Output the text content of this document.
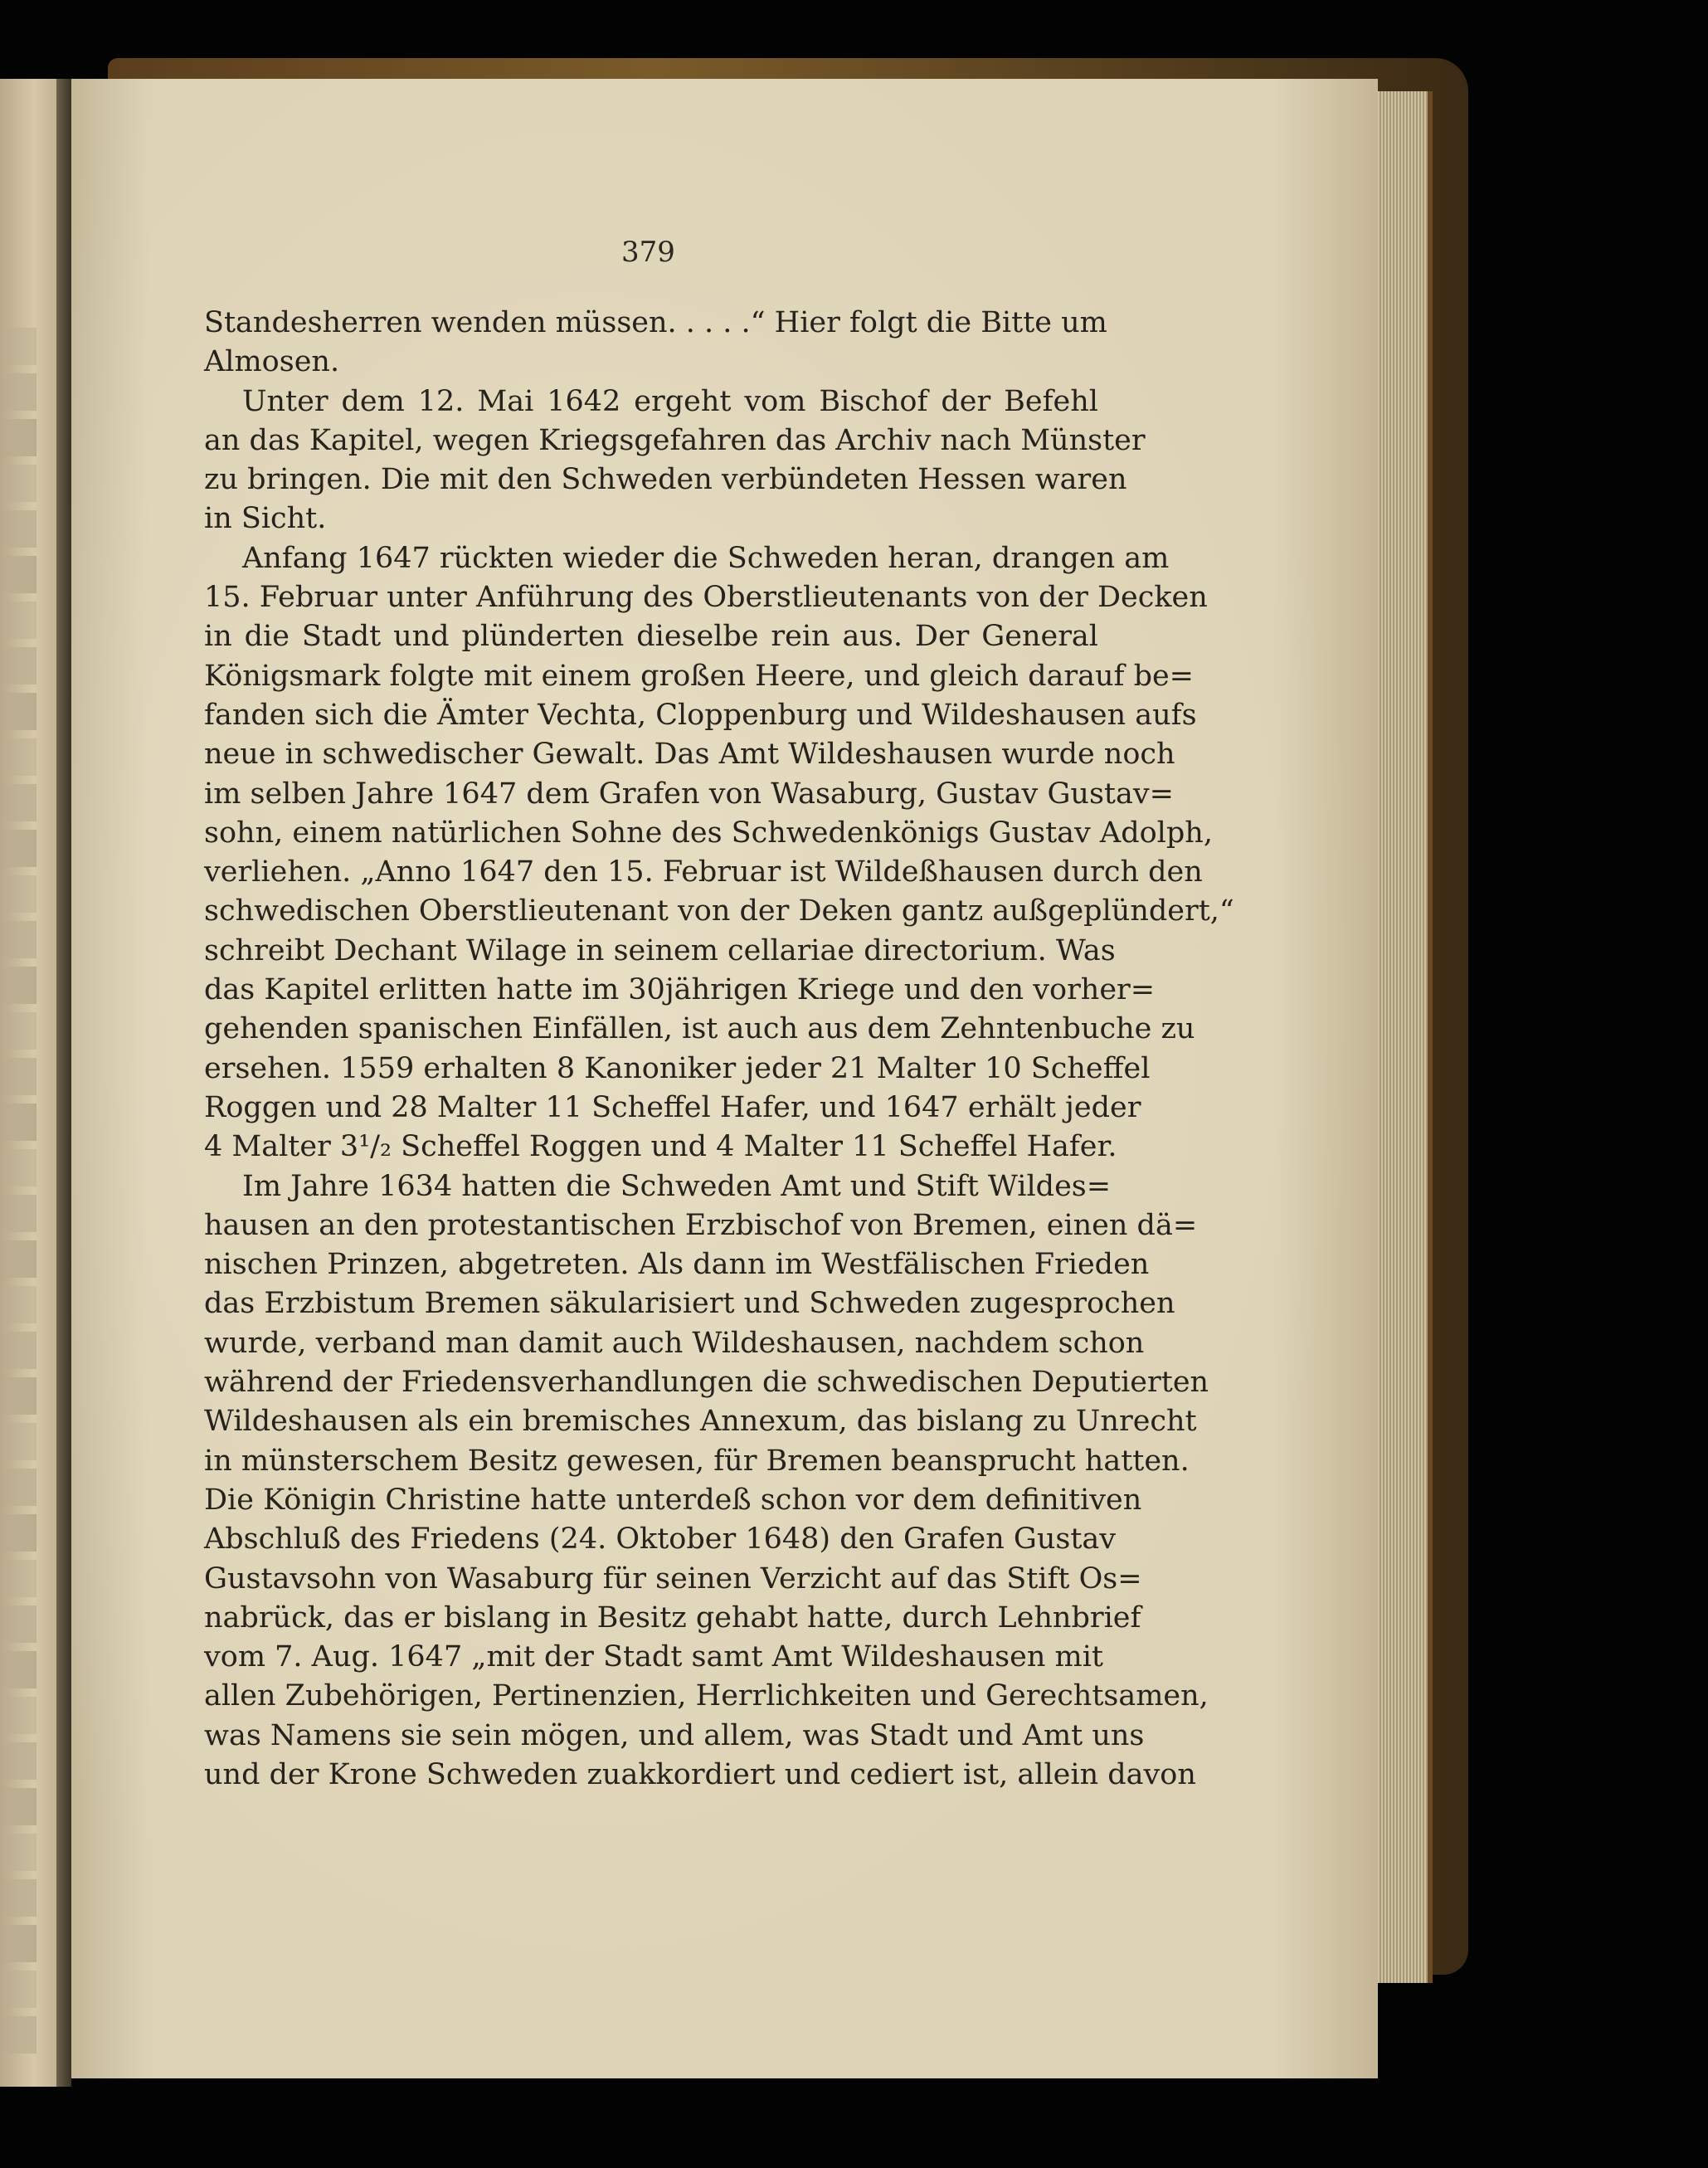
379
Standesherren wenden müssen. . . . .“ Hier folgt die Bitte um
Almosen.
Unter dem 12. Mai 1642 ergeht vom Bischof der Befehl
an das Kapitel, wegen Kriegsgefahren das Archiv nach Münster
zu bringen. Die mit den Schweden verbündeten Hessen waren
in Sicht.
Anfang 1647 rückten wieder die Schweden heran, drangen am
15. Februar unter Anführung des Oberstlieutenants von der Decken
in die Stadt und plünderten dieselbe rein aus. Der General
Königsmark folgte mit einem großen Heere, und gleich darauf be=
fanden sich die Ämter Vechta, Cloppenburg und Wildeshausen aufs
neue in schwedischer Gewalt. Das Amt Wildeshausen wurde noch
im selben Jahre 1647 dem Grafen von Wasaburg, Gustav Gustav=
sohn, einem natürlichen Sohne des Schwedenkönigs Gustav Adolph,
verliehen. „Anno 1647 den 15. Februar ist Wildeßhausen durch den
schwedischen Oberstlieutenant von der Deken gantz außgeplündert,“
schreibt Dechant Wilage in seinem cellariae directorium. Was
das Kapitel erlitten hatte im 30jährigen Kriege und den vorher=
gehenden spanischen Einfällen, ist auch aus dem Zehntenbuche zu
ersehen. 1559 erhalten 8 Kanoniker jeder 21 Malter 10 Scheffel
Roggen und 28 Malter 11 Scheffel Hafer, und 1647 erhält jeder
4 Malter 3¹/₂ Scheffel Roggen und 4 Malter 11 Scheffel Hafer.
Im Jahre 1634 hatten die Schweden Amt und Stift Wildes=
hausen an den protestantischen Erzbischof von Bremen, einen dä=
nischen Prinzen, abgetreten. Als dann im Westfälischen Frieden
das Erzbistum Bremen säkularisiert und Schweden zugesprochen
wurde, verband man damit auch Wildeshausen, nachdem schon
während der Friedensverhandlungen die schwedischen Deputierten
Wildeshausen als ein bremisches Annexum, das bislang zu Unrecht
in münsterschem Besitz gewesen, für Bremen beansprucht hatten.
Die Königin Christine hatte unterdeß schon vor dem definitiven
Abschluß des Friedens (24. Oktober 1648) den Grafen Gustav
Gustavsohn von Wasaburg für seinen Verzicht auf das Stift Os=
nabrück, das er bislang in Besitz gehabt hatte, durch Lehnbrief
vom 7. Aug. 1647 „mit der Stadt samt Amt Wildeshausen mit
allen Zubehörigen, Pertinenzien, Herrlichkeiten und Gerechtsamen,
was Namens sie sein mögen, und allem, was Stadt und Amt uns
und der Krone Schweden zuakkordiert und cediert ist, allein davon
